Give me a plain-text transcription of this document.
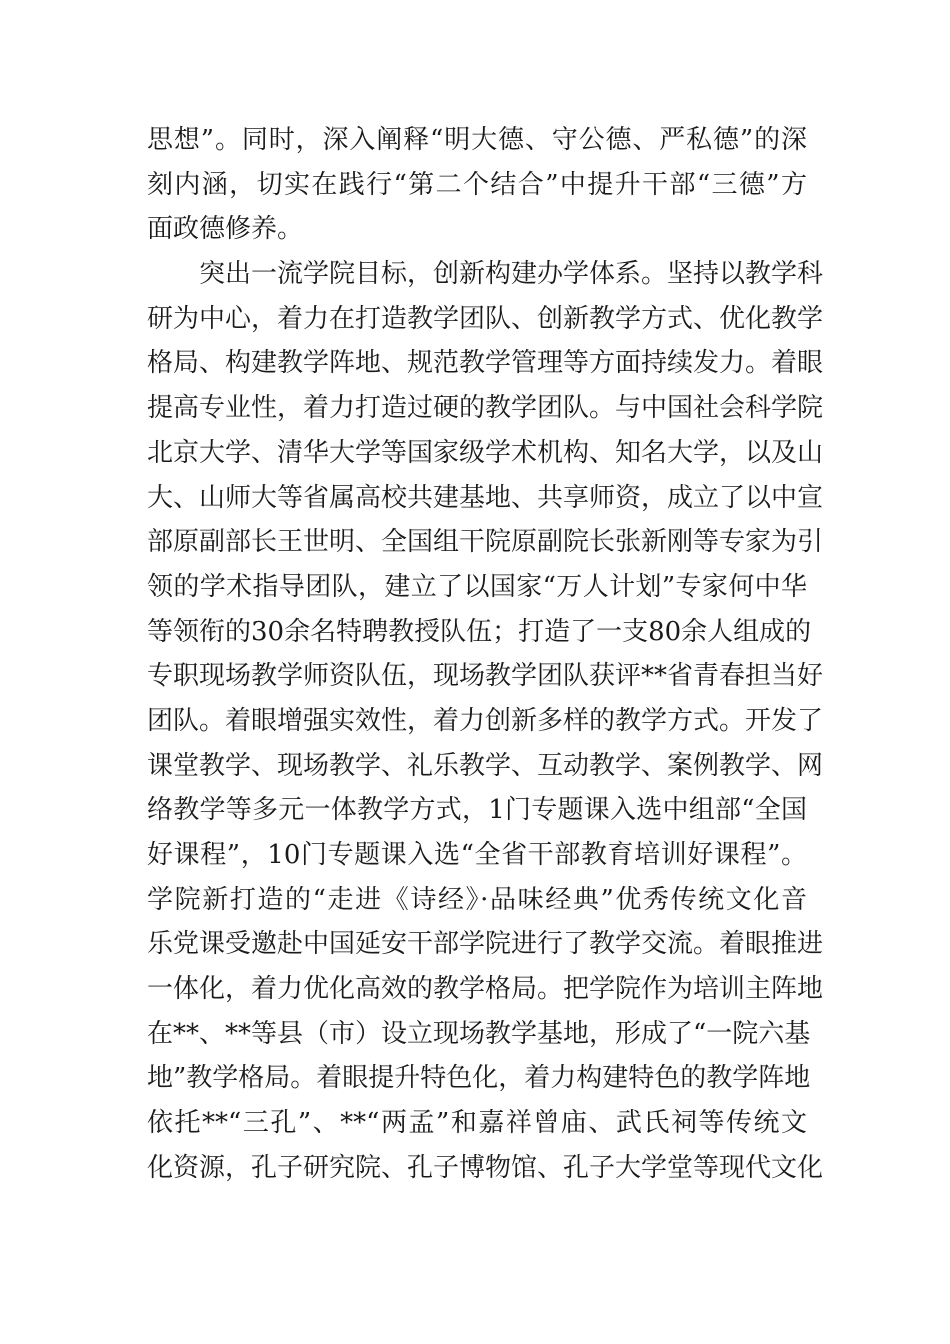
思想”。同时，深入阐释“明大德、守公德、严私德”的深
刻内涵，切实在践行“第二个结合”中提升干部“三德”方
面政德修养。
突出一流学院目标，创新构建办学体系。坚持以教学科
研为中心，着力在打造教学团队、创新教学方式、优化教学
格局、构建教学阵地、规范教学管理等方面持续发力。着眼
提高专业性，着力打造过硬的教学团队。与中国社会科学院
北京大学、清华大学等国家级学术机构、知名大学，以及山
大、山师大等省属高校共建基地、共享师资，成立了以中宣
部原副部长王世明、全国组干院原副院长张新刚等专家为引
领的学术指导团队，建立了以国家“万人计划”专家何中华
等领衔的30余名特聘教授队伍；打造了一支80余人组成的
专职现场教学师资队伍，现场教学团队获评**省青春担当好
团队。着眼增强实效性，着力创新多样的教学方式。开发了
课堂教学、现场教学、礼乐教学、互动教学、案例教学、网
络教学等多元一体教学方式，1门专题课入选中组部“全国
好课程”，10门专题课入选“全省干部教育培训好课程”。
学院新打造的“走进《诗经》·品味经典”优秀传统文化音
乐党课受邀赴中国延安干部学院进行了教学交流。着眼推进
一体化，着力优化高效的教学格局。把学院作为培训主阵地
在**、**等县（市）设立现场教学基地，形成了“一院六基
地”教学格局。着眼提升特色化，着力构建特色的教学阵地
依托**“三孔”、**“两孟”和嘉祥曾庙、武氏祠等传统文
化资源，孔子研究院、孔子博物馆、孔子大学堂等现代文化
